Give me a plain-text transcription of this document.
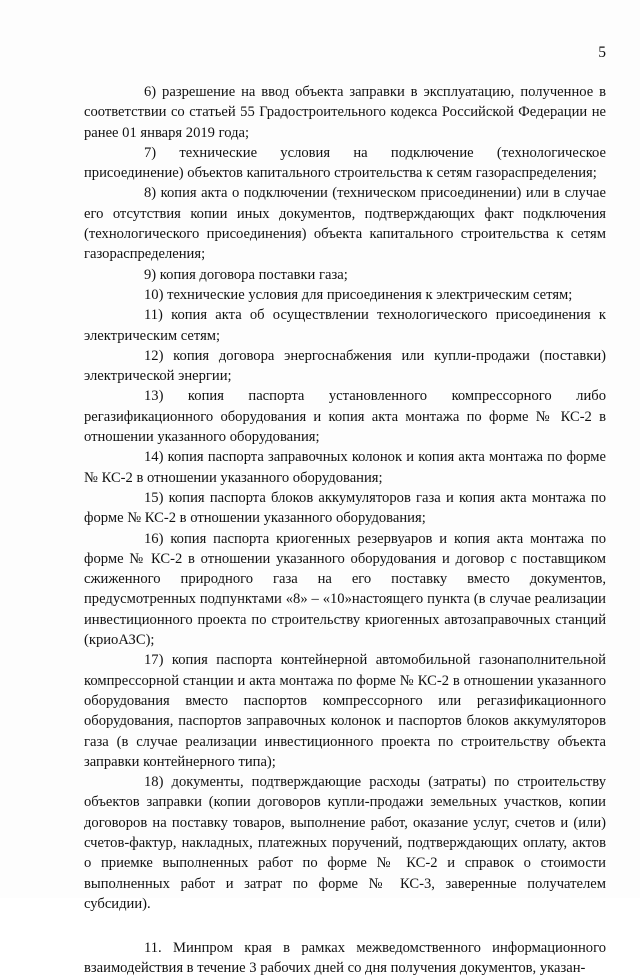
5

6) разрешение на ввод объекта заправки в эксплуатацию, полученное в соответствии со статьей 55 Градостроительного кодекса Российской Федерации не ранее 01 января 2019 года;

7) технические условия на подключение (технологическое присоединение) объектов капитального строительства к сетям газораспределения;

8) копия акта о подключении (техническом присоединении) или в случае его отсутствия копии иных документов, подтверждающих факт подключения (технологического присоединения) объекта капитального строительства к сетям газораспределения;

9) копия договора поставки газа;

10) технические условия для присоединения к электрическим сетям;

11) копия акта об осуществлении технологического присоединения к электрическим сетям;

12) копия договора энергоснабжения или купли-продажи (поставки) электрической энергии;

13) копия паспорта установленного компрессорного либо регазификационного оборудования и копия акта монтажа по форме № КС-2 в отношении указанного оборудования;

14) копия паспорта заправочных колонок и копия акта монтажа по форме № КС-2 в отношении указанного оборудования;

15) копия паспорта блоков аккумуляторов газа и копия акта монтажа по форме № КС-2 в отношении указанного оборудования;

16) копия паспорта криогенных резервуаров и копия акта монтажа по форме № КС-2 в отношении указанного оборудования и договор с поставщиком сжиженного природного газа на его поставку вместо документов, предусмотренных подпунктами «8» – «10»настоящего пункта (в случае реализации инвестиционного проекта по строительству криогенных автозаправочных станций (криоАЗС);

17) копия паспорта контейнерной автомобильной газонаполнительной компрессорной станции и акта монтажа по форме № КС-2 в отношении указанного оборудования вместо паспортов компрессорного или регазификационного оборудования, паспортов заправочных колонок и паспортов блоков аккумуляторов газа (в случае реализации инвестиционного проекта по строительству объекта заправки контейнерного типа);

18) документы, подтверждающие расходы (затраты) по строительству объектов заправки (копии договоров купли-продажи земельных участков, копии договоров на поставку товаров, выполнение работ, оказание услуг, счетов и (или) счетов-фактур, накладных, платежных поручений, подтверждающих оплату, актов о приемке выполненных работ по форме № КС-2 и справок о стоимости выполненных работ и затрат по форме № КС-3, заверенные получателем субсидии).

11. Минпром края в рамках межведомственного информационного взаимодействия в течение 3 рабочих дней со дня получения документов, указан-
